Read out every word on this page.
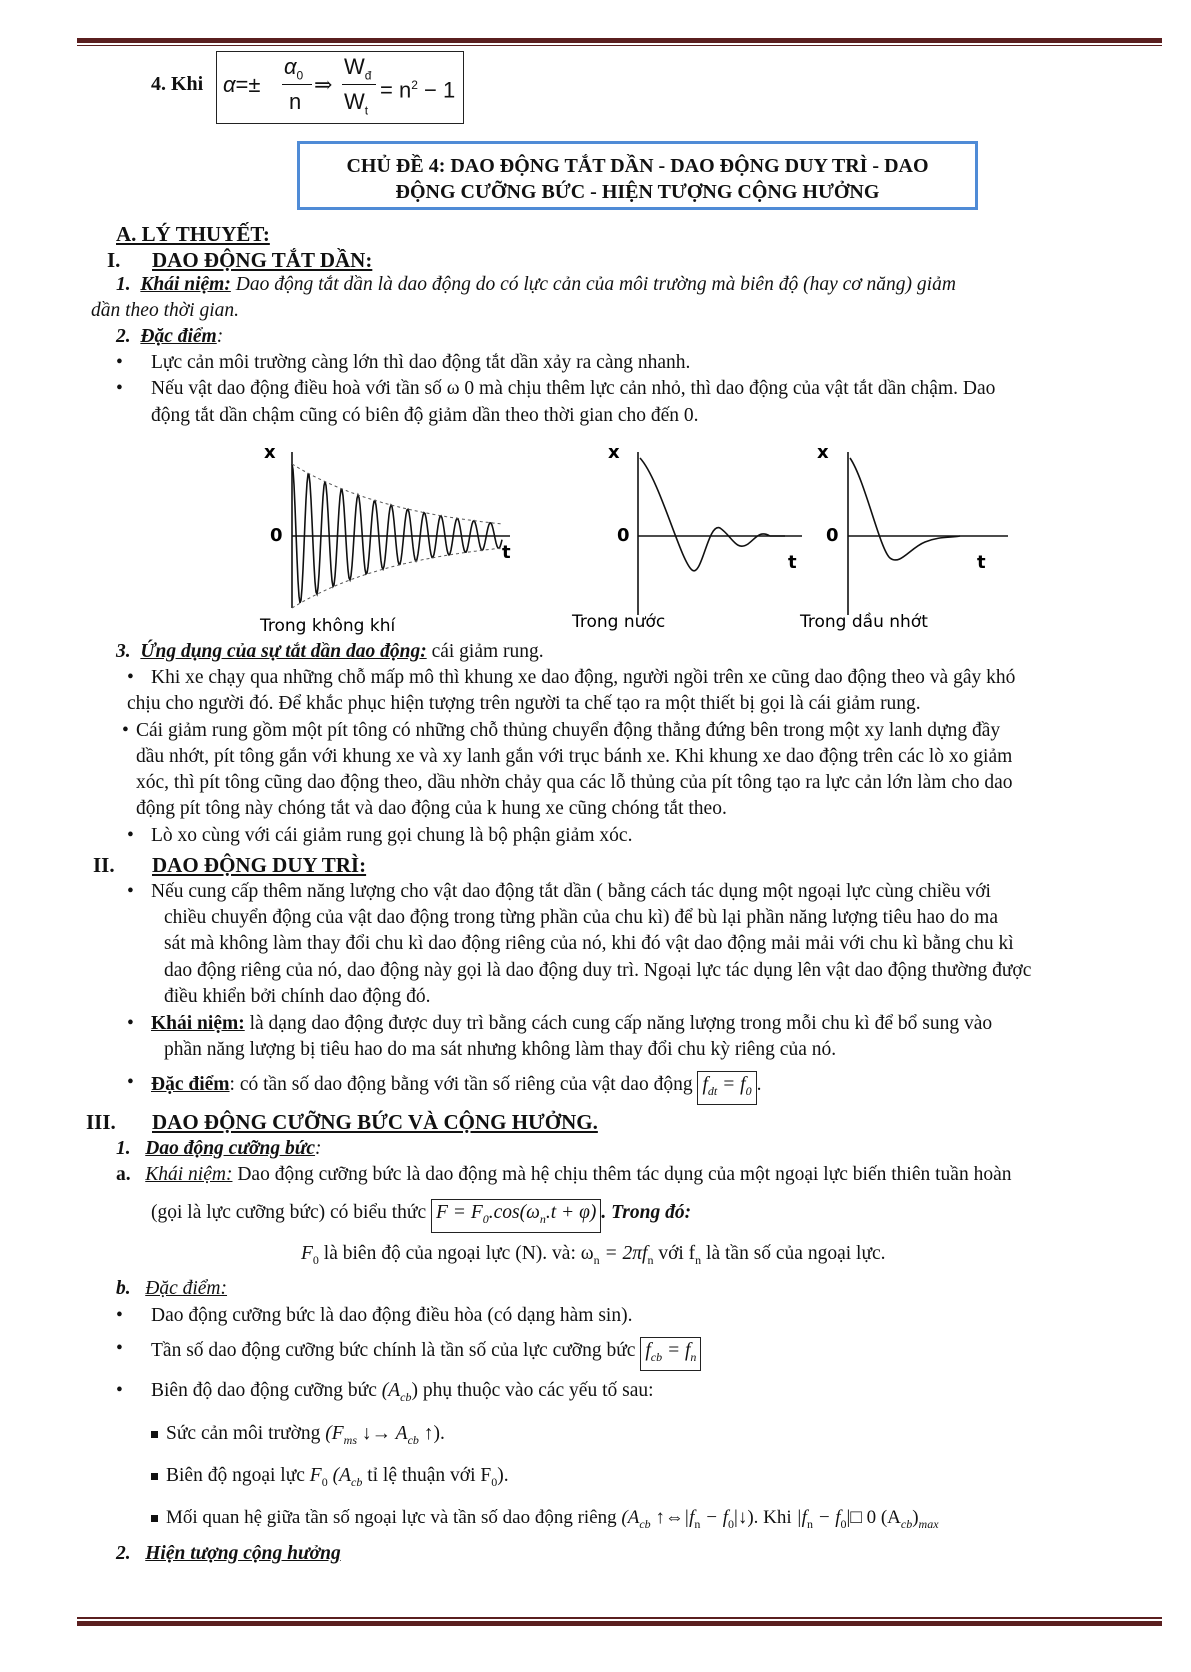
4. Khi α=±
$\alpha_0$
n
⇒
$W_đ$
$W_t$
= $n^2 - 1$
CHỦ ĐỀ 4: DAO ĐỘNG TẮT DẦN - DAO ĐỘNG DUY TRÌ - DAO
ĐỘNG CƯỠNG BỨC - HIỆN TƯỢNG CỘNG HƯỞNG
A. LÝ THUYẾT:
I. DAO ĐỘNG TẮT DẦN:
1. Khái niệm: Dao động tắt dần là dao động do có lực cản của môi trường mà biên độ (hay cơ năng) giảm
dần theo thời gian.
2. Đặc điểm:
• Lực cản môi trường càng lớn thì dao động tắt dần xảy ra càng nhanh.
• Nếu vật dao động điều hoà với tần số ω 0 mà chịu thêm lực cản nhỏ, thì dao động của vật tắt dần chậm. Dao
động tắt dần chậm cũng có biên độ giảm dần theo thời gian cho đến 0.
x
0
t
x
0
t
x
0
t
Trong không khí	Trong nước	Trong dầu nhớt
3. Ứng dụng của sự tắt dần dao động: cái giảm rung.
• Khi xe chạy qua những chỗ mấp mô thì khung xe dao động, người ngồi trên xe cũng dao động theo và gây khó
chịu cho người đó. Để khắc phục hiện tượng trên người ta chế tạo ra một thiết bị gọi là cái giảm rung.
• Cái giảm rung gồm một pít tông có những chỗ thủng chuyển động thẳng đứng bên trong một xy lanh dựng đầy
dầu nhớt, pít tông gắn với khung xe và xy lanh gắn với trục bánh xe. Khi khung xe dao động trên các lò xo giảm
xóc, thì pít tông cũng dao động theo, dầu nhờn chảy qua các lỗ thủng của pít tông tạo ra lực cản lớn làm cho dao
động pít tông này chóng tắt và dao động của k hung xe cũng chóng tắt theo.
• Lò xo cùng với cái giảm rung gọi chung là bộ phận giảm xóc.
II. DAO ĐỘNG DUY TRÌ:
• Nếu cung cấp thêm năng lượng cho vật dao động tắt dần ( bằng cách tác dụng một ngoại lực cùng chiều với
chiều chuyển động của vật dao động trong từng phần của chu kì) để bù lại phần năng lượng tiêu hao do ma
sát mà không làm thay đổi chu kì dao động riêng của nó, khi đó vật dao động mải mải với chu kì bằng chu kì
dao động riêng của nó, dao động này gọi là dao động duy trì. Ngoại lực tác dụng lên vật dao động thường được
điều khiển bởi chính dao động đó.
• Khái niệm: là dạng dao động được duy trì bằng cách cung cấp năng lượng trong mỗi chu kì để bổ sung vào
phần năng lượng bị tiêu hao do ma sát nhưng không làm thay đổi chu kỳ riêng của nó.
• Đặc điểm: có tần số dao động bằng với tần số riêng của vật dao động $f_{dt} = f_0$ .
III. DAO ĐỘNG CƯỠNG BỨC VÀ CỘNG HƯỞNG.
1. Dao động cưỡng bức:
a. Khái niệm: Dao động cưỡng bức là dao động mà hệ chịu thêm tác dụng của một ngoại lực biến thiên tuần hoàn
(gọi là lực cưỡng bức) có biểu thức $F = F_0.\cos(\omega_n.t + \varphi)$ . Trong đó:
$F_0$ là biên độ của ngoại lực (N). và: $\omega_n = 2\pi f_n$ với $f_n$ là tần số của ngoại lực.
b. Đặc điểm:
• Dao động cưỡng bức là dao động điều hòa (có dạng hàm sin).
• Tần số dao động cưỡng bức chính là tần số của lực cưỡng bức $f_{cb} = f_n$
• Biên độ dao động cưỡng bức $(A_{cb})$ phụ thuộc vào các yếu tố sau:
Sức cản môi trường ($F_{ms}$ ↓→ $A_{cb}$ ↑).
Biên độ ngoại lực $F_0$ ($A_{cb}$ tỉ lệ thuận với $F_0$).
Mối quan hệ giữa tần số ngoại lực và tần số dao động riêng ($A_{cb}$ $↑\Leftrightarrow|f_n$ − $f_0|↓$). Khi $|f_n$ − $f_0|□$ 0 $(A_{cb})_{max}$
2. Hiện tượng cộng hưởng
